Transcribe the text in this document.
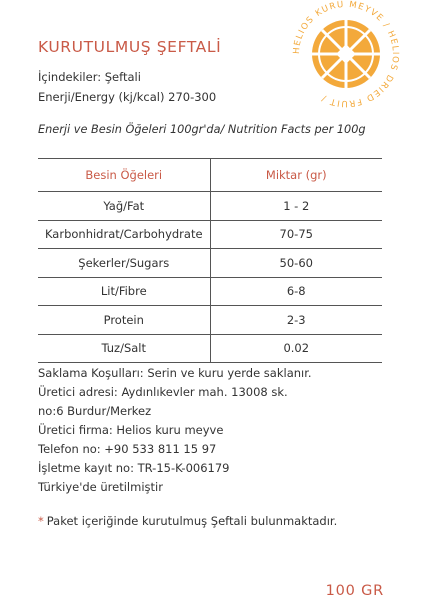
HELIOS KURU MEYVE / HELIOS DRIED FRUIT /
KURUTULMUŞ ŞEFTALİ
İçindekiler: Şeftali
Enerji/Energy (kj/kcal) 270-300
Enerji ve Besin Öğeleri 100gr'da/ Nutrition Facts per 100g
Besin Öğeleri	Miktar (gr)
Yağ/Fat	1 - 2
Karbonhidrat/Carbohydrate	70-75
Şekerler/Sugars	50-60
Lit/Fibre	6-8
Protein	2-3
Tuz/Salt	0.02
Saklama Koşulları: Serin ve kuru yerde saklanır.
Üretici adresi: Aydınlıkevler mah. 13008 sk.
no:6 Burdur/Merkez
Üretici firma: Helios kuru meyve
Telefon no: +90 533 811 15 97
İşletme kayıt no: TR-15-K-006179
Türkiye'de üretilmiştir
* Paket içeriğinde kurutulmuş Şeftali bulunmaktadır.
100 GR
